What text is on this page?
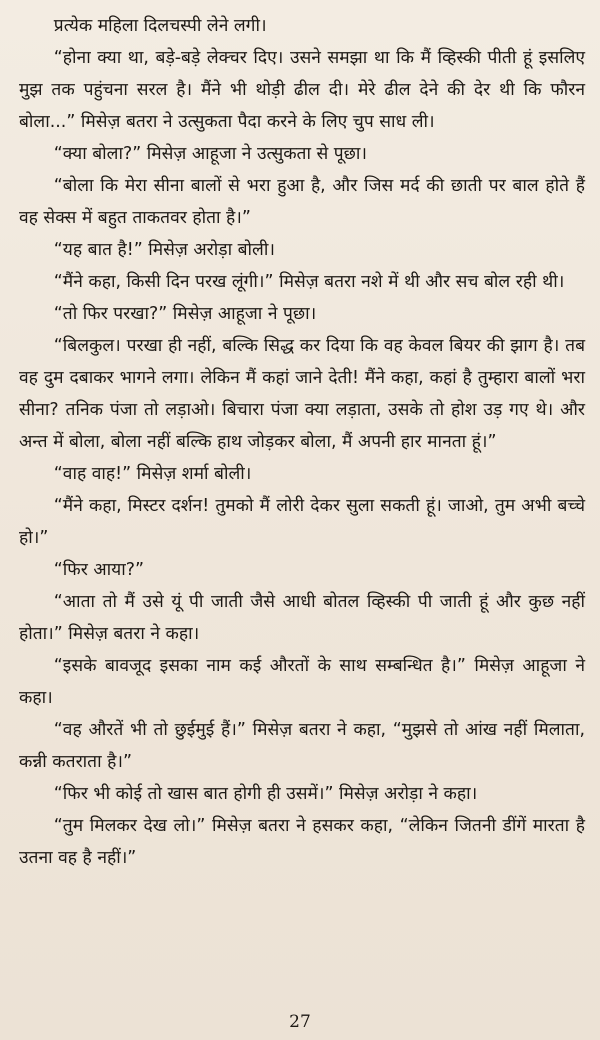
प्रत्येक महिला दिलचस्पी लेने लगी।

“होना क्या था, बड़े-बड़े लेक्चर दिए। उसने समझा था कि मैं व्हिस्की पीती हूं इसलिए मुझ तक पहुंचना सरल है। मैंने भी थोड़ी ढील दी। मेरे ढील देने की देर थी कि फौरन बोला...” मिसेज़ बतरा ने उत्सुकता पैदा करने के लिए चुप साध ली।

“क्या बोला?” मिसेज़ आहूजा ने उत्सुकता से पूछा।

“बोला कि मेरा सीना बालों से भरा हुआ है, और जिस मर्द की छाती पर बाल होते हैं वह सेक्स में बहुत ताकतवर होता है।”

“यह बात है!” मिसेज़ अरोड़ा बोली।

“मैंने कहा, किसी दिन परख लूंगी।” मिसेज़ बतरा नशे में थी और सच बोल रही थी।

“तो फिर परखा?” मिसेज़ आहूजा ने पूछा।

“बिलकुल। परखा ही नहीं, बल्कि सिद्ध कर दिया कि वह केवल बियर की झाग है। तब वह दुम दबाकर भागने लगा। लेकिन मैं कहां जाने देती! मैंने कहा, कहां है तुम्हारा बालों भरा सीना? तनिक पंजा तो लड़ाओ। बिचारा पंजा क्या लड़ाता, उसके तो होश उड़ गए थे। और अन्त में बोला, बोला नहीं बल्कि हाथ जोड़कर बोला, मैं अपनी हार मानता हूं।”

“वाह वाह!” मिसेज़ शर्मा बोली।

“मैंने कहा, मिस्टर दर्शन! तुमको मैं लोरी देकर सुला सकती हूं। जाओ, तुम अभी बच्चे हो।”

“फिर आया?”

“आता तो मैं उसे यूं पी जाती जैसे आधी बोतल व्हिस्की पी जाती हूं और कुछ नहीं होता।” मिसेज़ बतरा ने कहा।

“इसके बावजूद इसका नाम कई औरतों के साथ सम्बन्धित है।” मिसेज़ आहूजा ने कहा।

“वह औरतें भी तो छुईमुई हैं।” मिसेज़ बतरा ने कहा, “मुझसे तो आंख नहीं मिलाता, कन्नी कतराता है।”

“फिर भी कोई तो खास बात होगी ही उसमें।” मिसेज़ अरोड़ा ने कहा।

“तुम मिलकर देख लो।” मिसेज़ बतरा ने हसकर कहा, “लेकिन जितनी डींगें मारता है उतना वह है नहीं।”

27
